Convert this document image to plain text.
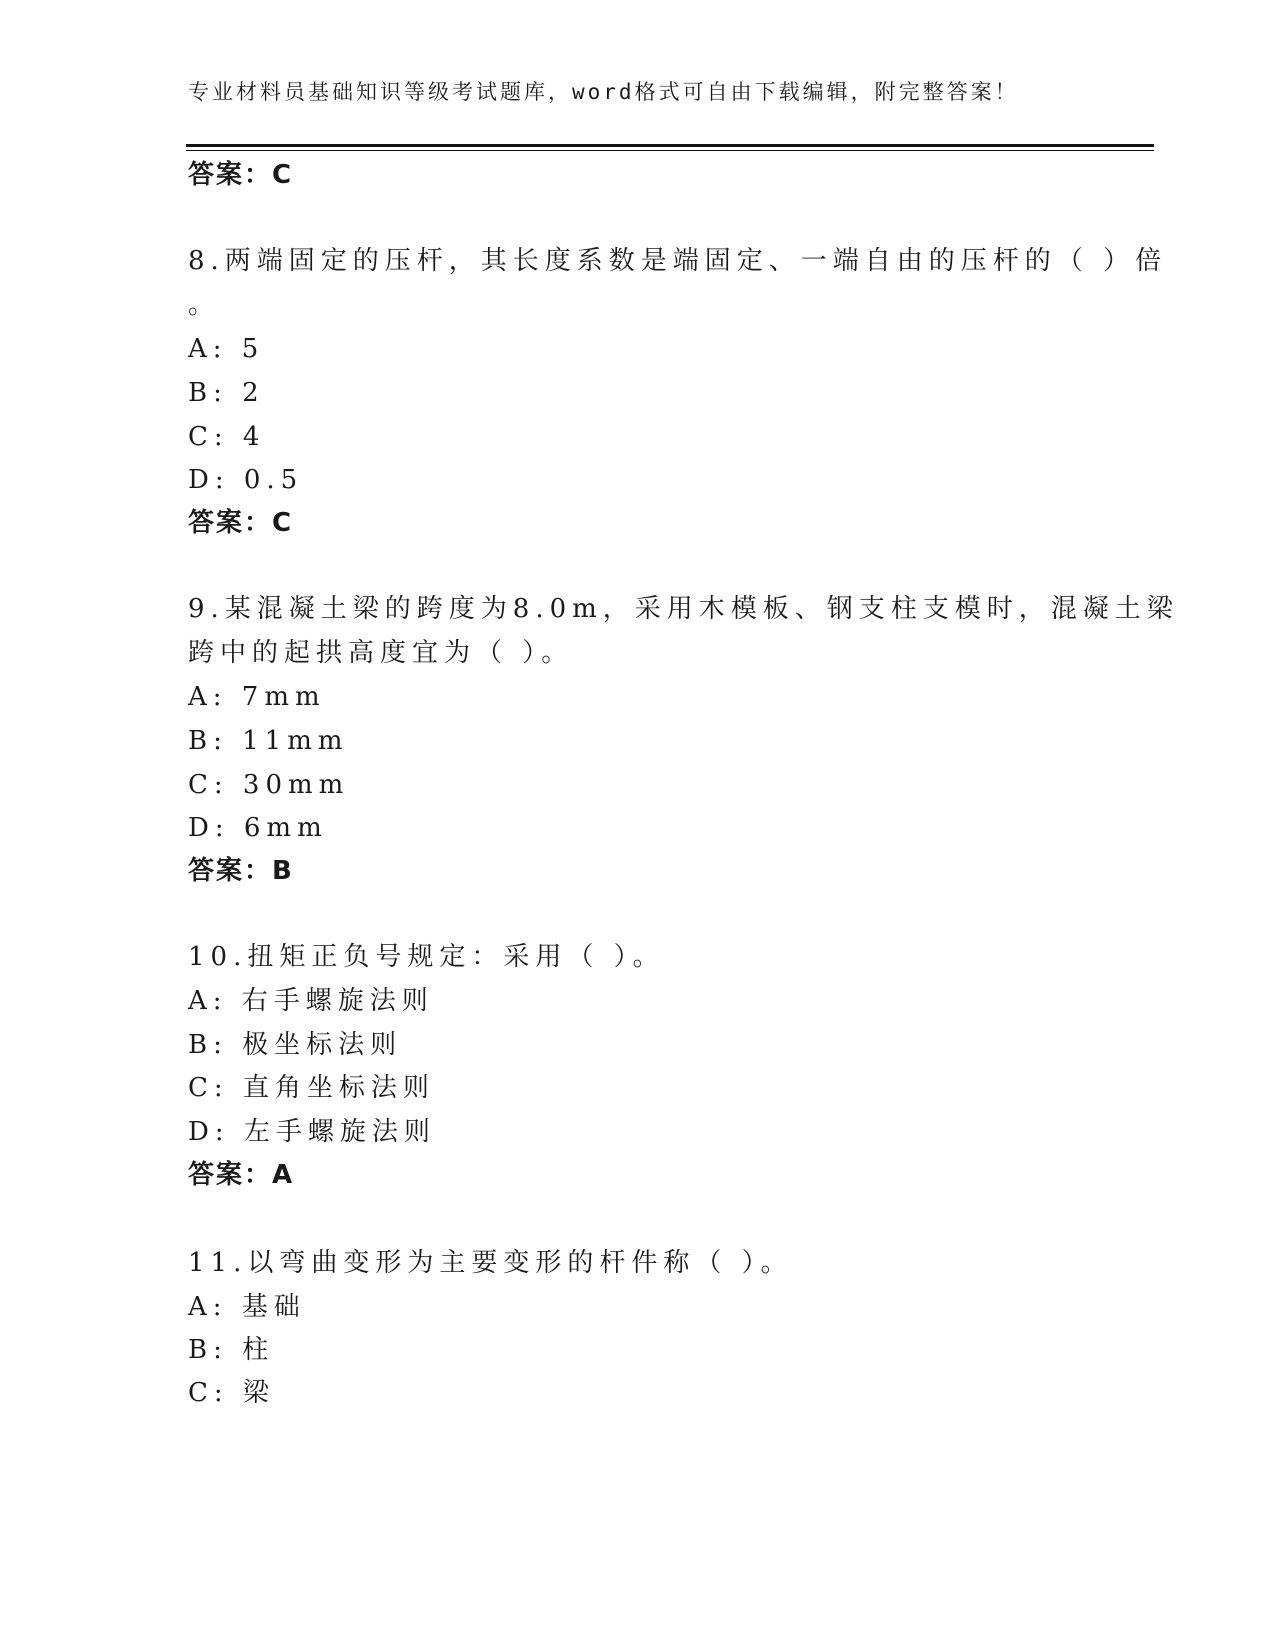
专业材料员基础知识等级考试题库，word格式可自由下载编辑，附完整答案！
答案：C
8.两端固定的压杆，其长度系数是端固定、一端自由的压杆的（ ）倍
。
A: 5
B: 2
C: 4
D: 0.5
答案：C
9.某混凝土梁的跨度为8.0m，采用木模板、钢支柱支模时，混凝土梁
跨中的起拱高度宜为（ ）。
A: 7mm
B: 11mm
C: 30mm
D: 6mm
答案：B
10.扭矩正负号规定：采用（ ）。
A: 右手螺旋法则
B: 极坐标法则
C: 直角坐标法则
D: 左手螺旋法则
答案：A
11.以弯曲变形为主要变形的杆件称（ ）。
A: 基础
B: 柱
C: 梁
